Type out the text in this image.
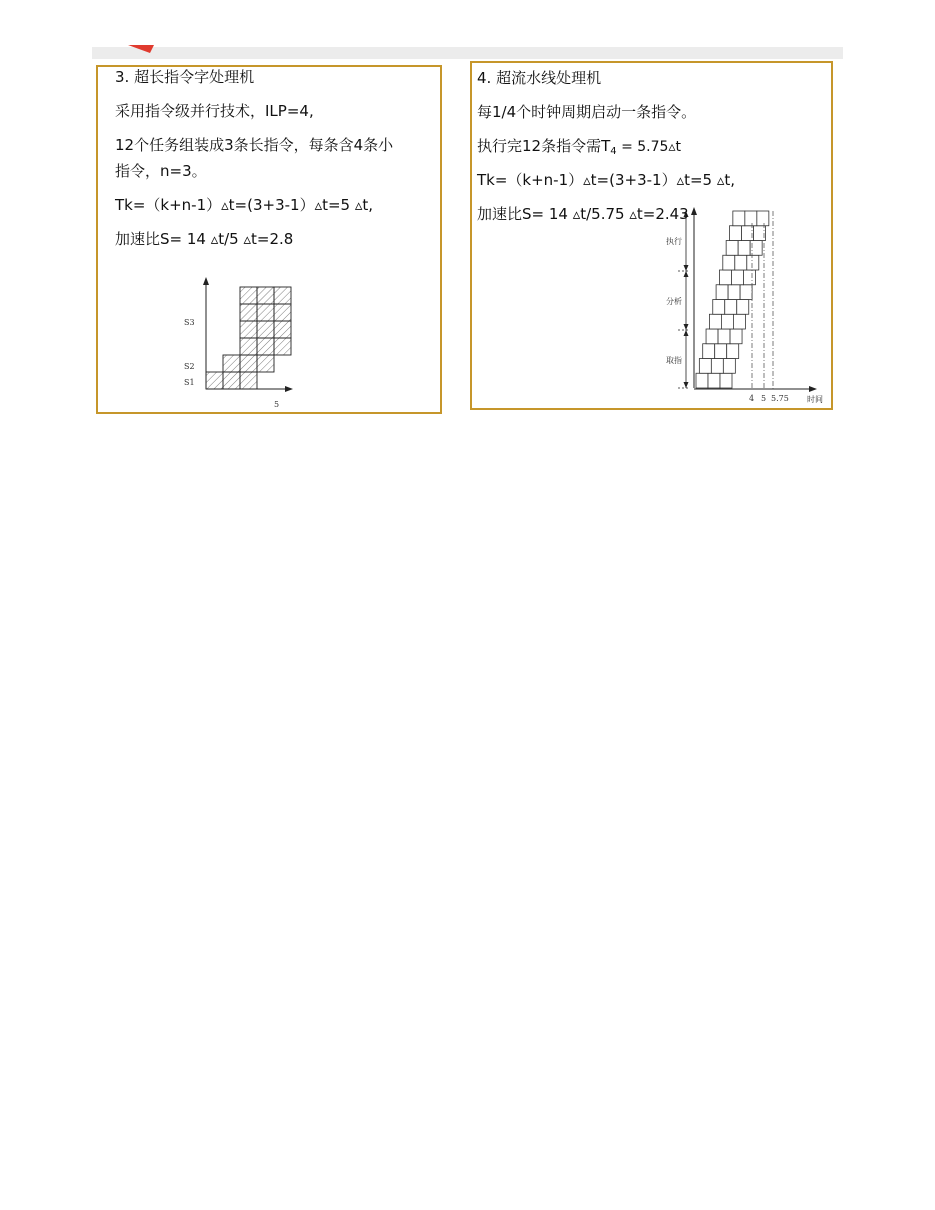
3. 超长指令字处理机
采用指令级并行技术，ILP=4,
12个任务组装成3条长指令，每条含4条小
指令，n=3。
Tk=（k+n-1）▵t=(3+3-1）▵t=5 ▵t,
加速比S= 14 ▵t/5 ▵t=2.8
S3
S2
S1
5
4. 超流水线处理机
每1/4个时钟周期启动一条指令。
执行完12条指令需$T_4$ = 5.75▵t
Tk=（k+n-1）▵t=(3+3-1）▵t=5 ▵t,
执行
分析
取指
4 5 5.75 时间
加速比S= 14 ▵t/5.75 ▵t=2.43
